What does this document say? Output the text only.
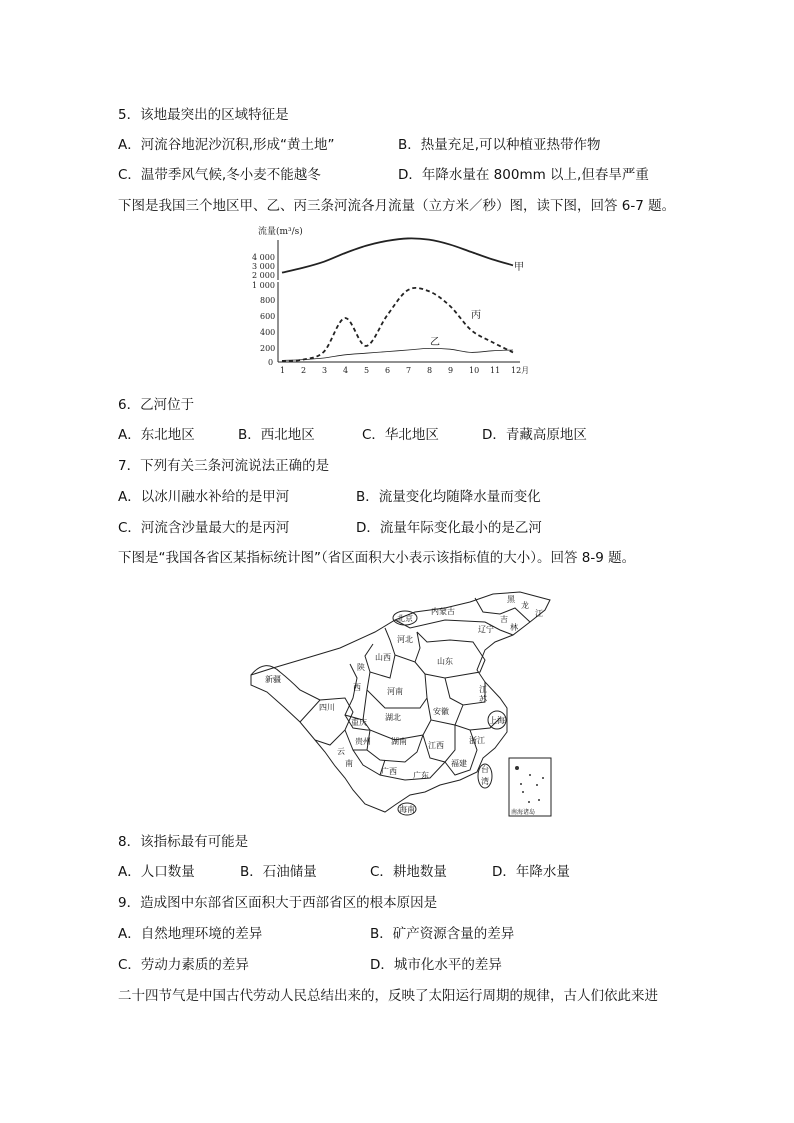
5．该地最突出的区域特征是
A．河流谷地泥沙沉积,形成“黄土地”	B．热量充足,可以种植亚热带作物
C．温带季风气候,冬小麦不能越冬	D．年降水量在 800mm 以上,但春旱严重
下图是我国三个地区甲、乙、丙三条河流各月流量（立方米／秒）图，读下图，回答 6-7 题。
流量(m³/s)
4 000
3 000
2 000
1 000
800
600
400
200
0
1 2 3 4 5 6 7 8 9 10 11 12月
甲
丙
乙
6．乙河位于
A．东北地区	B．西北地区	C．华北地区	D．青藏高原地区
7．下列有关三条河流说法正确的是
A．以冰川融水补给的是甲河	B．流量变化均随降水量而变化
C．河流含沙量最大的是丙河	D．流量年际变化最小的是乙河
下图是“我国各省区某指标统计图”（省区面积大小表示该指标值的大小）。回答 8-9 题。
内蒙古
北京
黑
龙
江
吉
林
辽宁
河北
山西	山东
陕
西
新疆
河南	江
苏
安徽
上海
四川
重庆
湖北
贵州	湖南	江西
浙江
云
南
广西 广东
福建
台
湾
海南	南海诸岛
8．该指标最有可能是
A．人口数量	B．石油储量	C．耕地数量	D．年降水量
9．造成图中东部省区面积大于西部省区的根本原因是
A．自然地理环境的差异	B．矿产资源含量的差异
C．劳动力素质的差异	D．城市化水平的差异
二十四节气是中国古代劳动人民总结出来的，反映了太阳运行周期的规律，古人们依此来进
